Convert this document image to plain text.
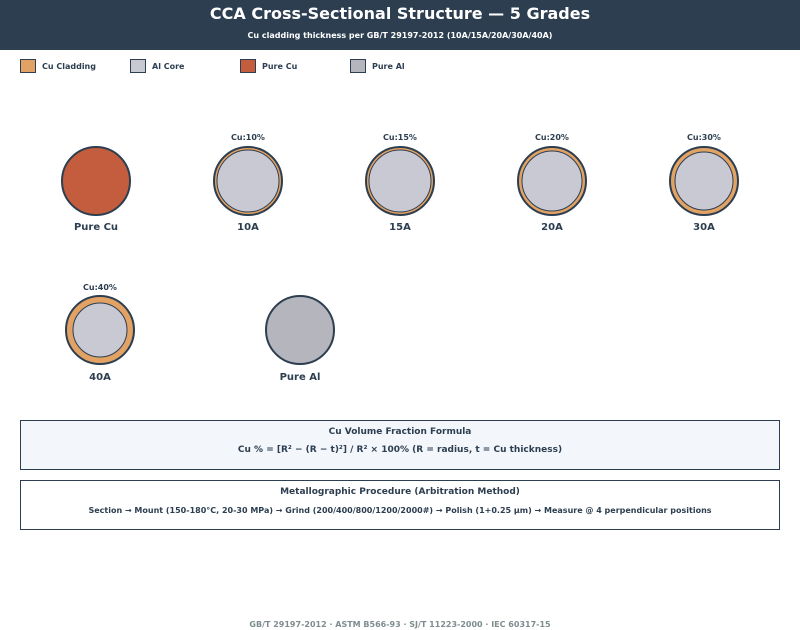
CCA Cross-Sectional Structure — 5 Grades
Cu cladding thickness per GB/T 29197-2012 (10A/15A/20A/30A/40A)
Cu Cladding	Al Core	Pure Cu	Pure Al
Pure Cu
Cu:10%
10A
Cu:15%
15A
Cu:20%
20A
Cu:30%
30A
Cu:40%
40A	Pure Al
Cu Volume Fraction Formula
Cu % = [R² − (R − t)²] / R² × 100% (R = radius, t = Cu thickness)
Metallographic Procedure (Arbitration Method)
Section → Mount (150-180°C, 20-30 MPa) → Grind (200/400/800/1200/2000#) → Polish (1+0.25 μm) → Measure @ 4 perpendicular positions
GB/T 29197-2012 · ASTM B566-93 · SJ/T 11223-2000 · IEC 60317-15
